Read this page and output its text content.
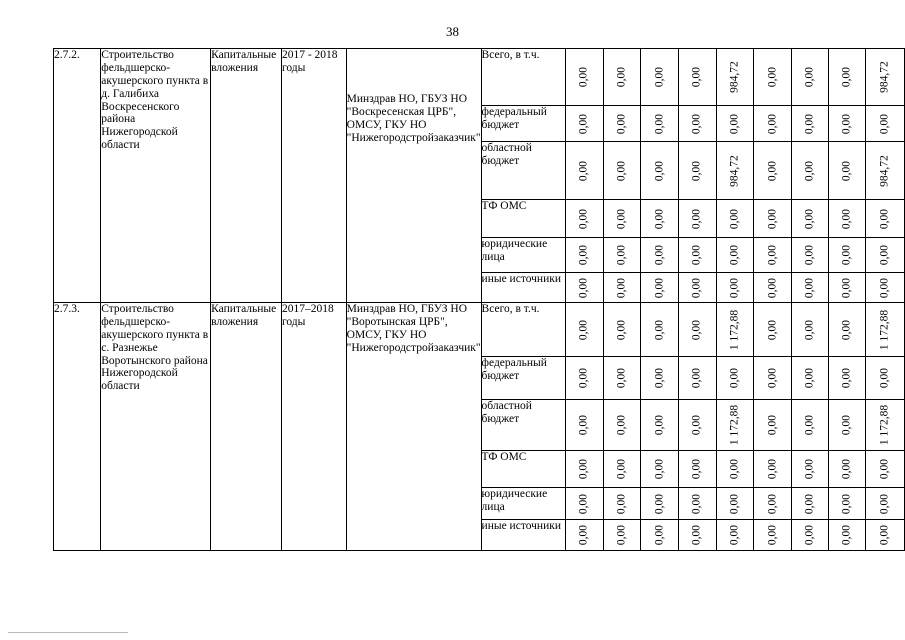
38
2.7.2.	Строительство фельдшерско-акушерского пункта в д. Галибиха Воскресенского района Нижегородской области	Капитальные вложения	2017 - 2018 годы	Минздрав НО, ГБУЗ НО "Воскресенская ЦРБ", ОМСУ, ГКУ НО "Нижегородстройзаказчик"	Всего, в т.ч.	0,00	0,00	0,00	0,00	984,72	0,00	0,00	0,00	984,72

					федеральный бюджет	0,00	0,00	0,00	0,00	0,00	0,00	0,00	0,00	0,00

					областной бюджет	0,00	0,00	0,00	0,00	984,72	0,00	0,00	0,00	984,72

					ТФ ОМС	0,00	0,00	0,00	0,00	0,00	0,00	0,00	0,00	0,00

					юридические лица	0,00	0,00	0,00	0,00	0,00	0,00	0,00	0,00	0,00

					иные источники	0,00	0,00	0,00	0,00	0,00	0,00	0,00	0,00	0,00

2.7.3.	Строительство фельдшерско-акушерского пункта в с. Разнежье Воротынского района Нижегородской области	Капитальные вложения	2017–2018 годы	Минздрав НО, ГБУЗ НО "Воротынская ЦРБ", ОМСУ, ГКУ НО "Нижегородстройзаказчик"	Всего, в т.ч.	0,00	0,00	0,00	0,00	1 172,88	0,00	0,00	0,00	1 172,88

					федеральный бюджет	0,00	0,00	0,00	0,00	0,00	0,00	0,00	0,00	0,00

					областной бюджет	0,00	0,00	0,00	0,00	1 172,88	0,00	0,00	0,00	1 172,88

					ТФ ОМС	0,00	0,00	0,00	0,00	0,00	0,00	0,00	0,00	0,00

					юридические лица	0,00	0,00	0,00	0,00	0,00	0,00	0,00	0,00	0,00

					иные источники	0,00	0,00	0,00	0,00	0,00	0,00	0,00	0,00	0,00
